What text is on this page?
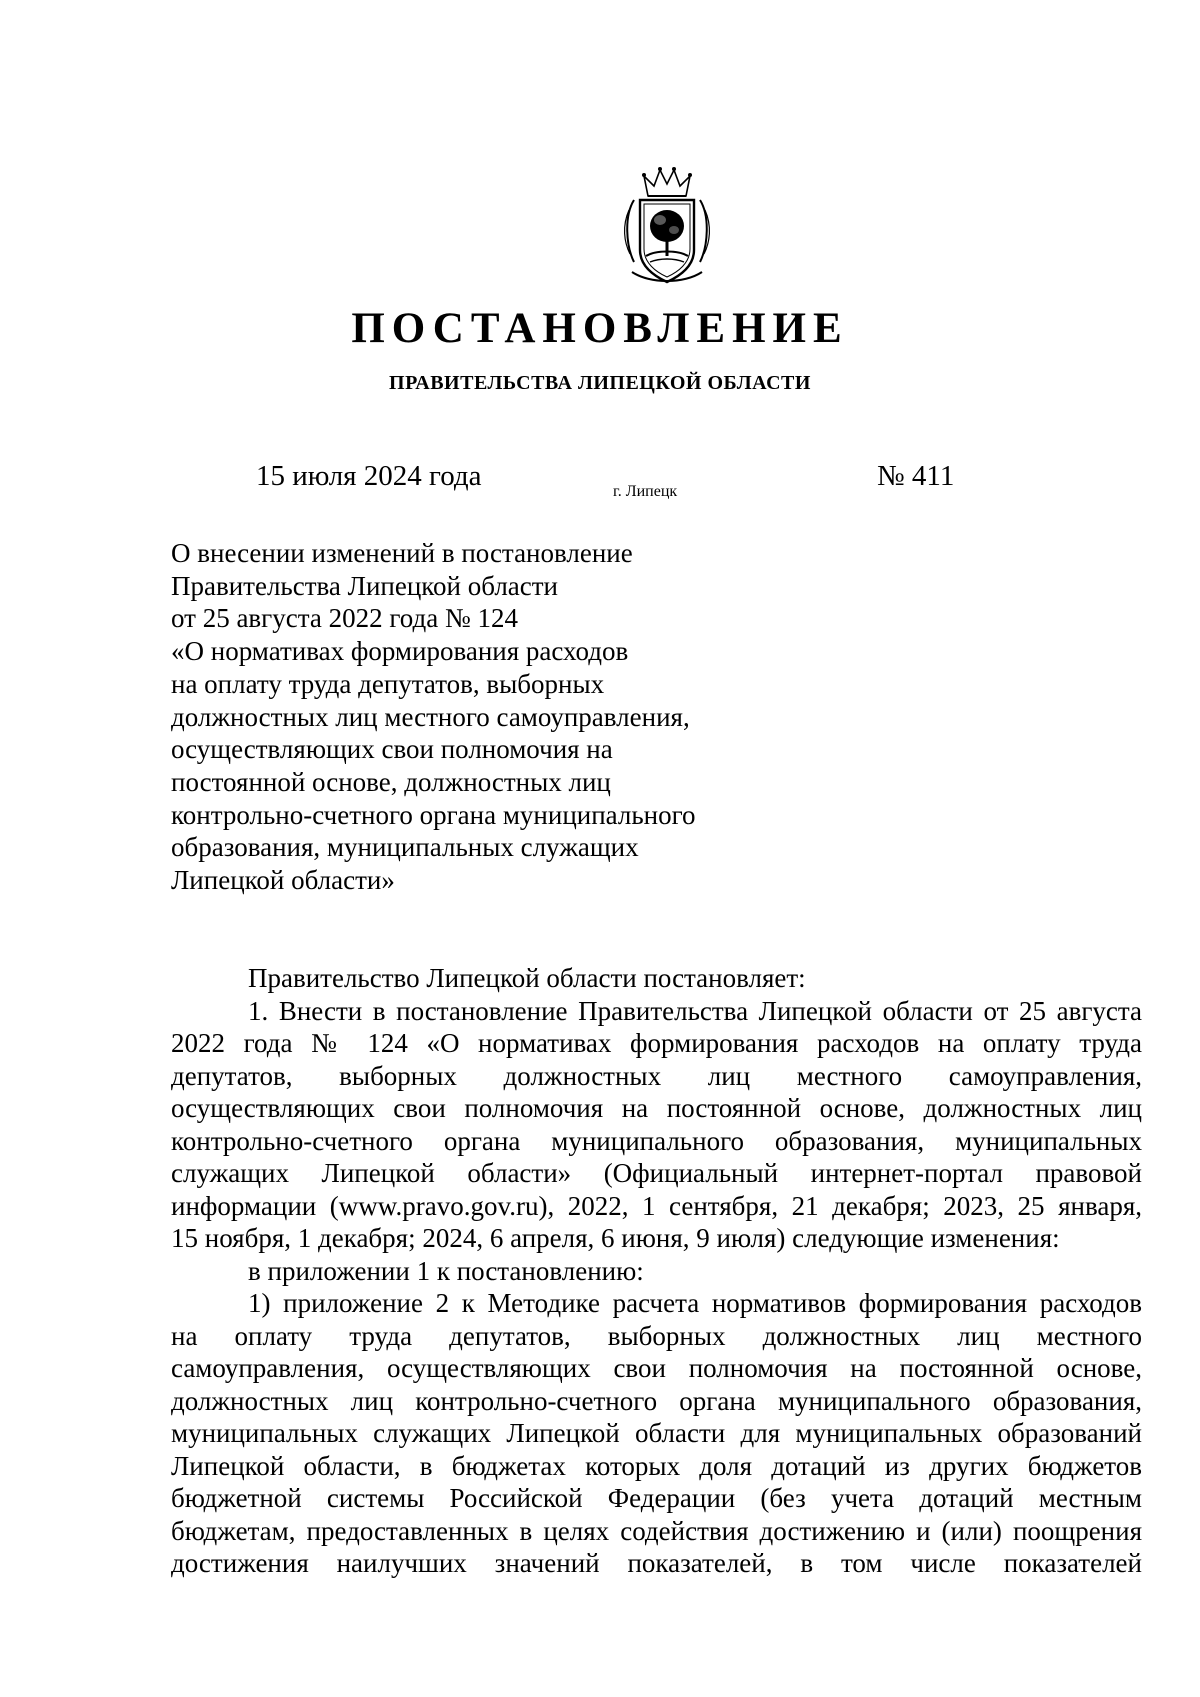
ПОСТАНОВЛЕНИЕ
ПРАВИТЕЛЬСТВА ЛИПЕЦКОЙ ОБЛАСТИ
15 июля 2024 года	г. Липецк	№ 411
О внесении изменений в постановление
Правительства Липецкой области
от 25 августа 2022 года № 124
«О нормативах формирования расходов
на оплату труда депутатов, выборных
должностных лиц местного самоуправления,
осуществляющих свои полномочия на
постоянной основе, должностных лиц
контрольно-счетного органа муниципального
образования, муниципальных служащих
Липецкой области»

Правительство Липецкой области постановляет:

1. Внести в постановление Правительства Липецкой области от 25 августа

2022 года № 124 «О нормативах формирования расходов на оплату труда

депутатов, выборных должностных лиц местного самоуправления,

осуществляющих свои полномочия на постоянной основе, должностных лиц

контрольно-счетного органа муниципального образования, муниципальных

служащих Липецкой области» (Официальный интернет-портал правовой

информации (www.pravo.gov.ru), 2022, 1 сентября, 21 декабря; 2023, 25 января,

15 ноября, 1 декабря; 2024, 6 апреля, 6 июня, 9 июля) следующие изменения:

в приложении 1 к постановлению:

1) приложение 2 к Методике расчета нормативов формирования расходов

на оплату труда депутатов, выборных должностных лиц местного

самоуправления, осуществляющих свои полномочия на постоянной основе,

должностных лиц контрольно-счетного органа муниципального образования,

муниципальных служащих Липецкой области для муниципальных образований

Липецкой области, в бюджетах которых доля дотаций из других бюджетов

бюджетной системы Российской Федерации (без учета дотаций местным

бюджетам, предоставленных в целях содействия достижению и (или) поощрения

достижения наилучших значений показателей, в том числе показателей
